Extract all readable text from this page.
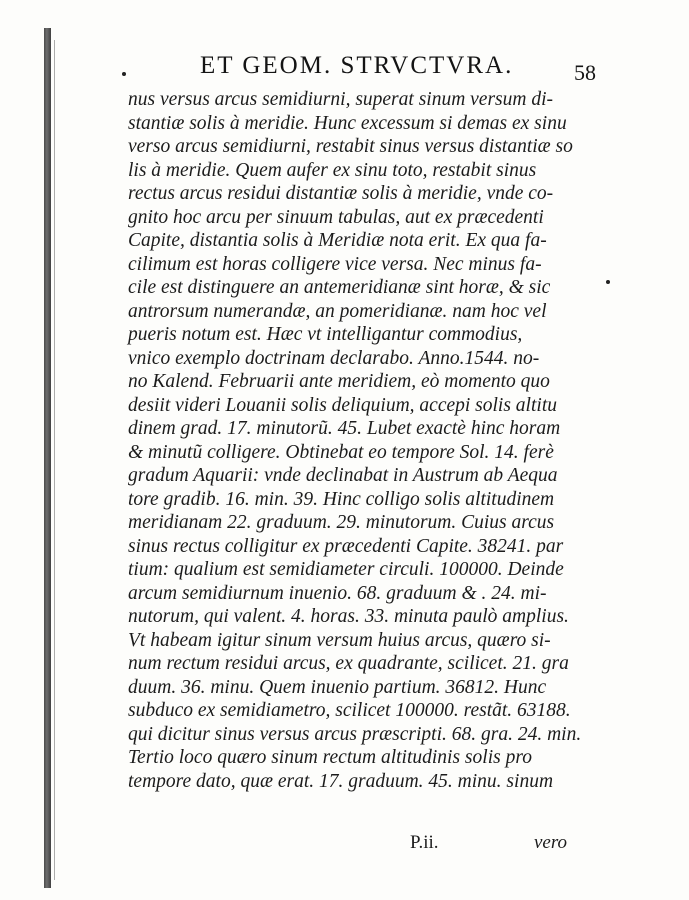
ET GEOM. STRVCTVRA.	58
nus versus arcus semidiurni, superat sinum versum di-
stantiæ solis à meridie. Hunc excessum si demas ex sinu
verso arcus semidiurni, restabit sinus versus distantiæ so
lis à meridie. Quem aufer ex sinu toto, restabit sinus
rectus arcus residui distantiæ solis à meridie, vnde co-
gnito hoc arcu per sinuum tabulas, aut ex præcedenti
Capite, distantia solis à Meridiæ nota erit. Ex qua fa-
cilimum est horas colligere vice versa. Nec minus fa-
cile est distinguere an antemeridianæ sint horæ, & sic
antrorsum numerandæ, an pomeridianæ. nam hoc vel
pueris notum est. Hæc vt intelligantur commodius,
vnico exemplo doctrinam declarabo. Anno.1544. no-
no Kalend. Februarii ante meridiem, eò momento quo
desiit videri Louanii solis deliquium, accepi solis altitu
dinem grad. 17. minutorũ. 45. Lubet exactè hinc horam
& minutũ colligere. Obtinebat eo tempore Sol. 14. ferè
gradum Aquarii: vnde declinabat in Austrum ab Aequa
tore gradib. 16. min. 39. Hinc colligo solis altitudinem
meridianam 22. graduum. 29. minutorum. Cuius arcus
sinus rectus colligitur ex præcedenti Capite. 38241. par
tium: qualium est semidiameter circuli. 100000. Deinde
arcum semidiurnum inuenio. 68. graduum & . 24. mi-
nutorum, qui valent. 4. horas. 33. minuta paulò amplius.
Vt habeam igitur sinum versum huius arcus, quæro si-
num rectum residui arcus, ex quadrante, scilicet. 21. gra
duum. 36. minu. Quem inuenio partium. 36812. Hunc
subduco ex semidiametro, scilicet 100000. restãt. 63188.
qui dicitur sinus versus arcus præscripti. 68. gra. 24. min.
Tertio loco quæro sinum rectum altitudinis solis pro
tempore dato, quæ erat. 17. graduum. 45. minu. sinum
P.ii.	vero
